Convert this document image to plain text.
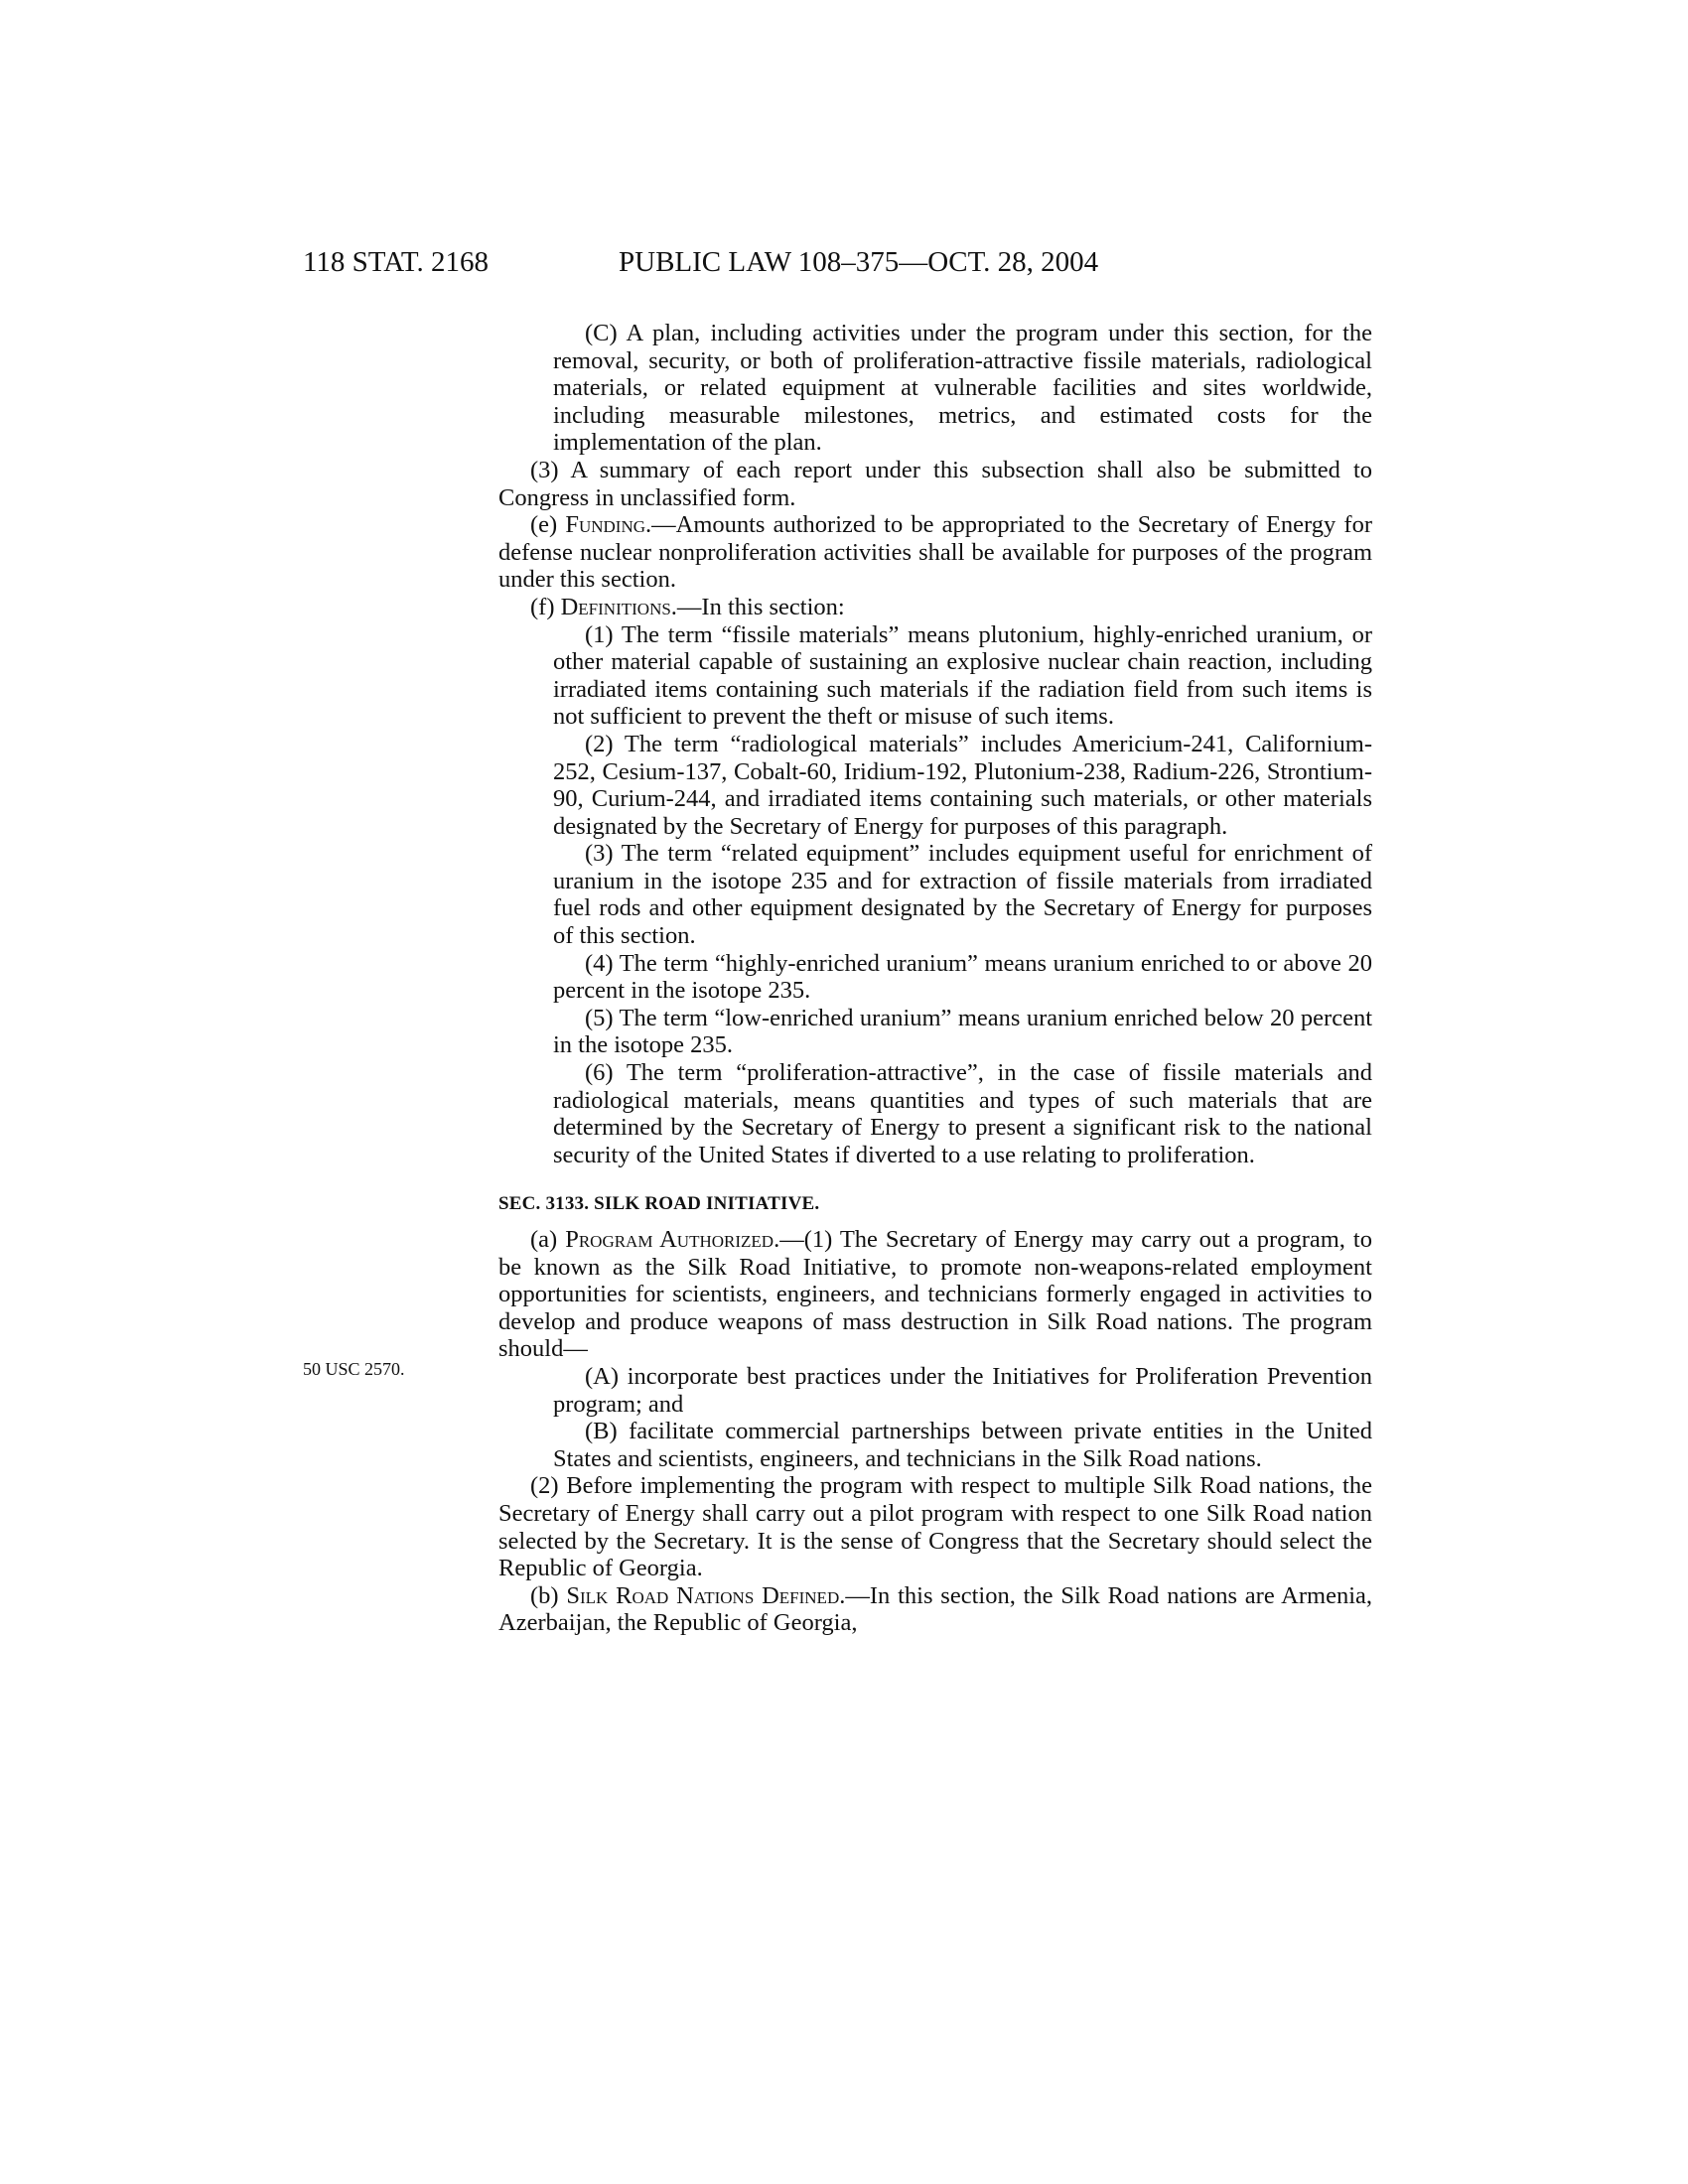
118 STAT. 2168	PUBLIC LAW 108–375—OCT. 28, 2004
50 USC 2570.

(C) A plan, including activities under the program under this section, for the removal, security, or both of proliferation-attractive fissile materials, radiological materials, or related equipment at vulnerable facilities and sites worldwide, including measurable milestones, metrics, and estimated costs for the implementation of the plan.

(3) A summary of each report under this subsection shall also be submitted to Congress in unclassified form.

(e) Funding.—Amounts authorized to be appropriated to the Secretary of Energy for defense nuclear nonproliferation activities shall be available for purposes of the program under this section.

(f) Definitions.—In this section:

(1) The term “fissile materials” means plutonium, highly-enriched uranium, or other material capable of sustaining an explosive nuclear chain reaction, including irradiated items containing such materials if the radiation field from such items is not sufficient to prevent the theft or misuse of such items.

(2) The term “radiological materials” includes Americium-241, Californium-252, Cesium-137, Cobalt-60, Iridium-192, Plutonium-238, Radium-226, Strontium-90, Curium-244, and irradiated items containing such materials, or other materials designated by the Secretary of Energy for purposes of this paragraph.

(3) The term “related equipment” includes equipment useful for enrichment of uranium in the isotope 235 and for extraction of fissile materials from irradiated fuel rods and other equipment designated by the Secretary of Energy for purposes of this section.

(4) The term “highly-enriched uranium” means uranium enriched to or above 20 percent in the isotope 235.

(5) The term “low-enriched uranium” means uranium enriched below 20 percent in the isotope 235.

(6) The term “proliferation-attractive”, in the case of fissile materials and radiological materials, means quantities and types of such materials that are determined by the Secretary of Energy to present a significant risk to the national security of the United States if diverted to a use relating to proliferation.

SEC. 3133. SILK ROAD INITIATIVE.

(a) Program Authorized.—(1) The Secretary of Energy may carry out a program, to be known as the Silk Road Initiative, to promote non-weapons-related employment opportunities for scientists, engineers, and technicians formerly engaged in activities to develop and produce weapons of mass destruction in Silk Road nations. The program should—

(A) incorporate best practices under the Initiatives for Proliferation Prevention program; and

(B) facilitate commercial partnerships between private entities in the United States and scientists, engineers, and technicians in the Silk Road nations.

(2) Before implementing the program with respect to multiple Silk Road nations, the Secretary of Energy shall carry out a pilot program with respect to one Silk Road nation selected by the Secretary. It is the sense of Congress that the Secretary should select the Republic of Georgia.

(b) Silk Road Nations Defined.—In this section, the Silk Road nations are Armenia, Azerbaijan, the Republic of Georgia,
